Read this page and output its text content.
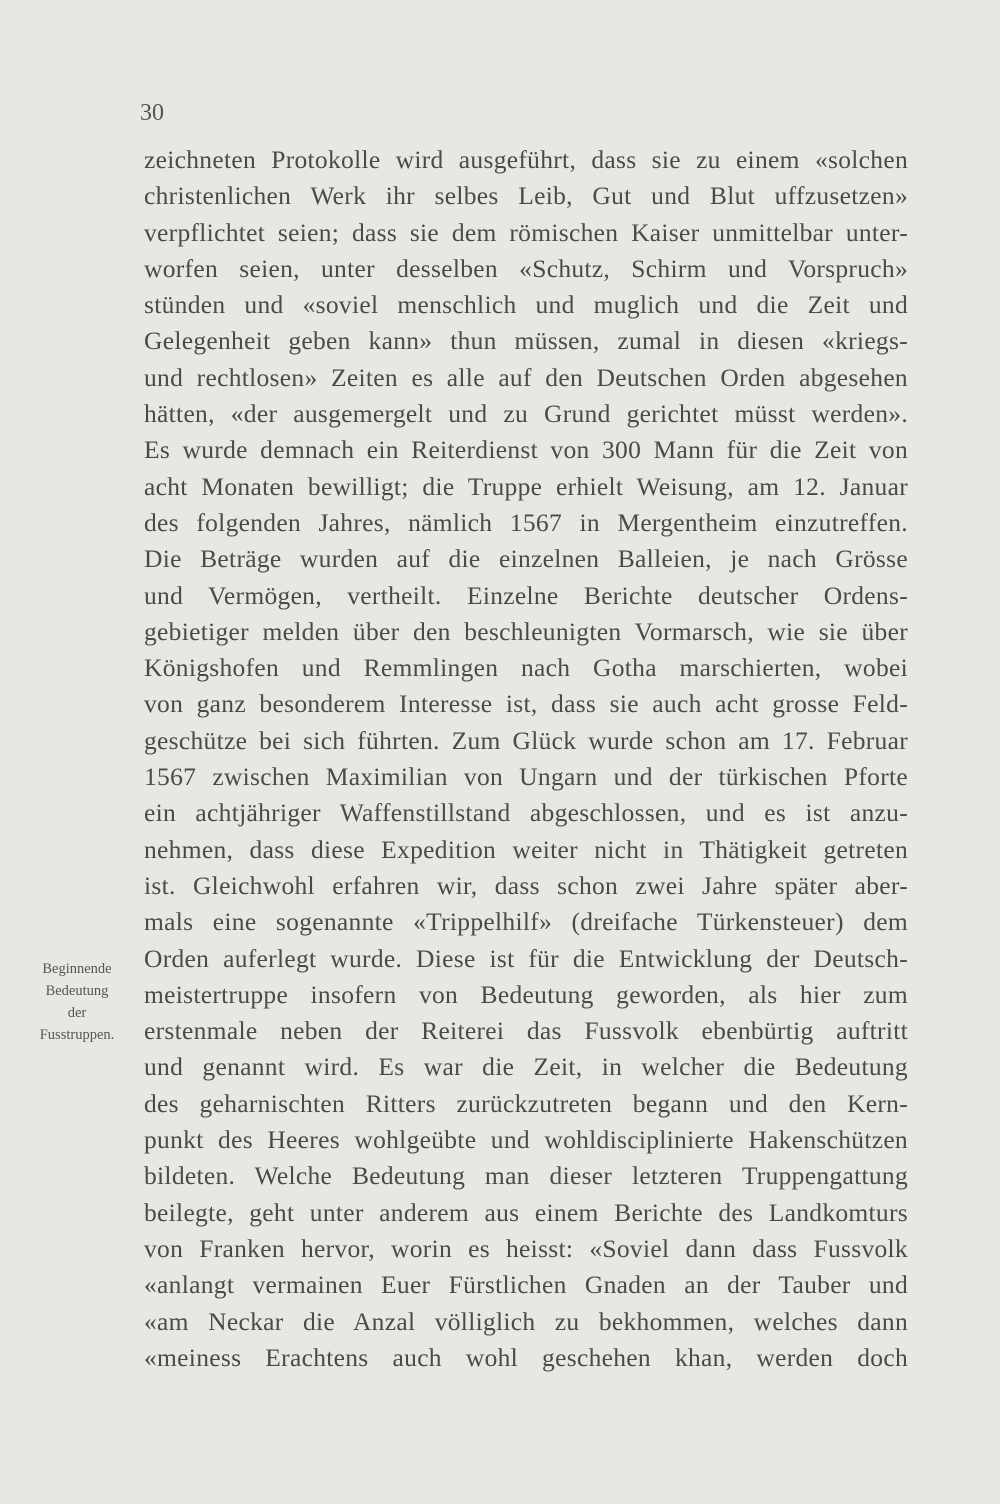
30
Beginnende
Bedeutung
der
Fusstruppen.
zeichneten Protokolle wird ausgeführt, dass sie zu einem «solchen
christenlichen Werk ihr selbes Leib, Gut und Blut uffzusetzen»
verpflichtet seien; dass sie dem römischen Kaiser unmittelbar unter-
worfen seien, unter desselben «Schutz, Schirm und Vorspruch»
stünden und «soviel menschlich und muglich und die Zeit und
Gelegenheit geben kann» thun müssen, zumal in diesen «kriegs-
und rechtlosen» Zeiten es alle auf den Deutschen Orden abgesehen
hätten, «der ausgemergelt und zu Grund gerichtet müsst werden».
Es wurde demnach ein Reiterdienst von 300 Mann für die Zeit von
acht Monaten bewilligt; die Truppe erhielt Weisung, am 12. Januar
des folgenden Jahres, nämlich 1567 in Mergentheim einzutreffen.
Die Beträge wurden auf die einzelnen Balleien, je nach Grösse
und Vermögen, vertheilt. Einzelne Berichte deutscher Ordens-
gebietiger melden über den beschleunigten Vormarsch, wie sie über
Königshofen und Remmlingen nach Gotha marschierten, wobei
von ganz besonderem Interesse ist, dass sie auch acht grosse Feld-
geschütze bei sich führten. Zum Glück wurde schon am 17. Februar
1567 zwischen Maximilian von Ungarn und der türkischen Pforte
ein achtjähriger Waffenstillstand abgeschlossen, und es ist anzu-
nehmen, dass diese Expedition weiter nicht in Thätigkeit getreten
ist. Gleichwohl erfahren wir, dass schon zwei Jahre später aber-
mals eine sogenannte «Trippelhilf» (dreifache Türkensteuer) dem
Orden auferlegt wurde. Diese ist für die Entwicklung der Deutsch-
meistertruppe insofern von Bedeutung geworden, als hier zum
erstenmale neben der Reiterei das Fussvolk ebenbürtig auftritt
und genannt wird. Es war die Zeit, in welcher die Bedeutung
des geharnischten Ritters zurückzutreten begann und den Kern-
punkt des Heeres wohlgeübte und wohldisciplinierte Hakenschützen
bildeten. Welche Bedeutung man dieser letzteren Truppengattung
beilegte, geht unter anderem aus einem Berichte des Landkomturs
von Franken hervor, worin es heisst: «Soviel dann dass Fussvolk
«anlangt vermainen Euer Fürstlichen Gnaden an der Tauber und
«am Neckar die Anzal völliglich zu bekhommen, welches dann
«meiness Erachtens auch wohl geschehen khan, werden doch
